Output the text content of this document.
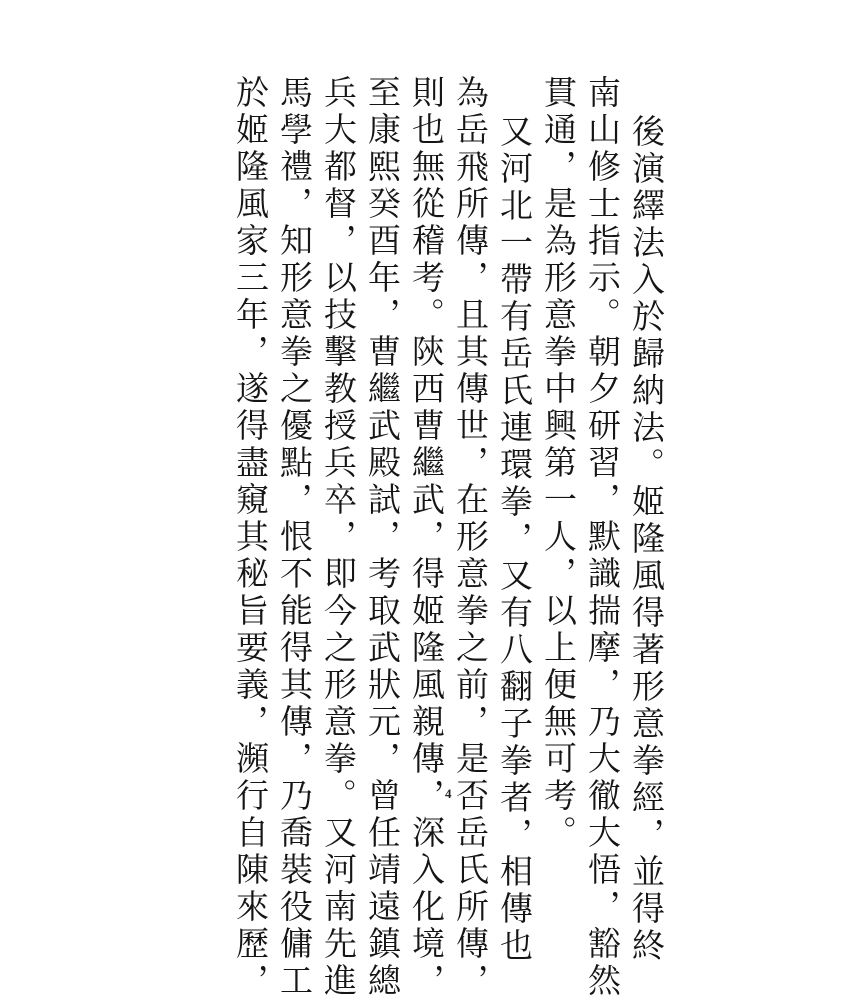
後演繹法入於歸納法。姬隆風得著形意拳經，並得終
南山修士指示。朝夕研習，默識揣摩，乃大徹大悟，豁然
貫通，是為形意拳中興第一人，以上便無可考。
又河北一帶有岳氏連環拳，又有八翻子拳者，相傳也
為岳飛所傳，且其傳世，在形意拳之前，是否岳氏所傳，
則也無從稽考。陝西曹繼武，得姬隆風親傳，深入化境，
至康熙癸酉年，曹繼武殿試，考取武狀元，曾任靖遠鎮總
兵大都督，以技擊教授兵卒，即今之形意拳。又河南先進
馬學禮，知形意拳之優點，恨不能得其傳，乃喬裝役傭工
於姬隆風家三年，遂得盡窺其秘旨要義，瀕行自陳來歷，	4
